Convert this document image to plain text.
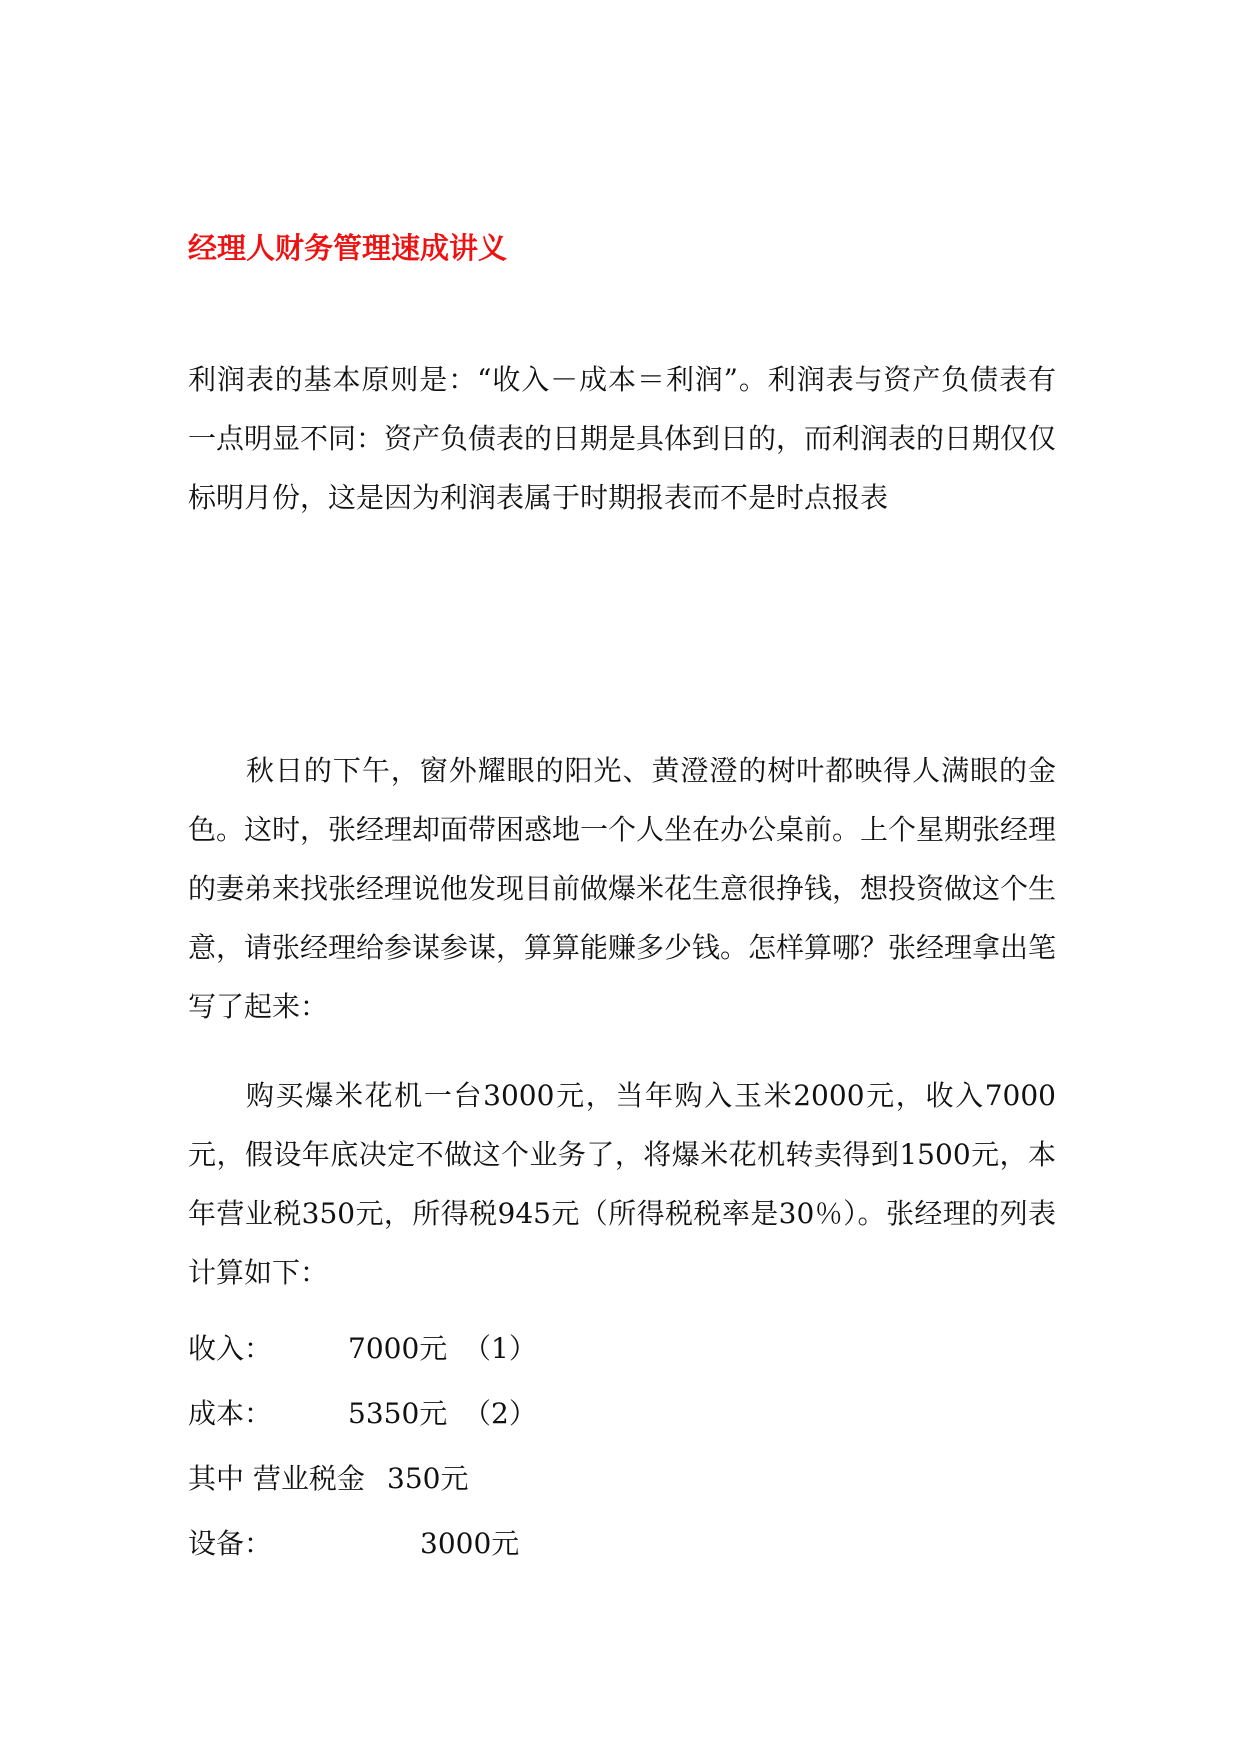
经理人财务管理速成讲义

利润表的基本原则是：“收入－成本＝利润”。利润表与资产负债表有一点明显不同：资产负债表的日期是具体到日的，而利润表的日期仅仅标明月份，这是因为利润表属于时期报表而不是时点报表

秋日的下午，窗外耀眼的阳光、黄澄澄的树叶都映得人满眼的金色。这时，张经理却面带困惑地一个人坐在办公桌前。上个星期张经理的妻弟来找张经理说他发现目前做爆米花生意很挣钱，想投资做这个生意，请张经理给参谋参谋，算算能赚多少钱。怎样算哪？张经理拿出笔写了起来：

购买爆米花机一台3000元，当年购入玉米2000元，收入7000元，假设年底决定不做这个业务了，将爆米花机转卖得到1500元，本年营业税350元，所得税945元（所得税税率是30％）。张经理的列表计算如下：

收入：	7000元 （1）
成本：	5350元 （2）
其中 营业税金 350元
设备：	3000元
